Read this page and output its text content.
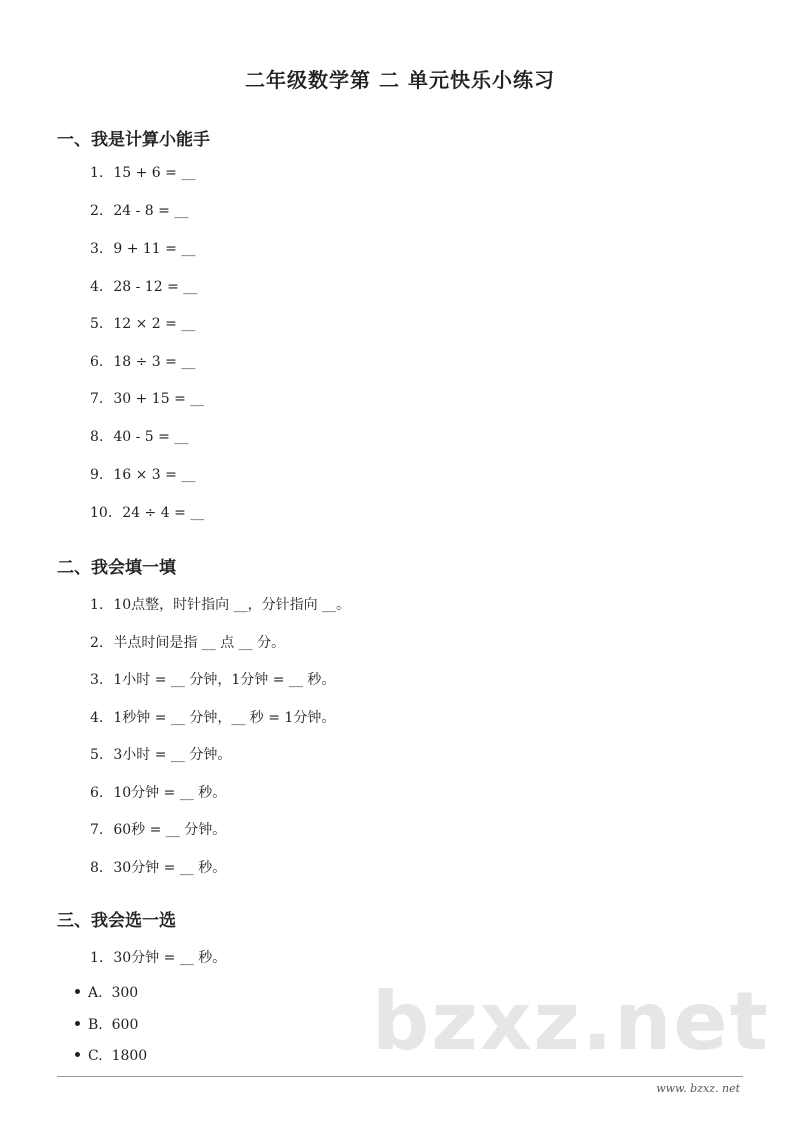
二年级数学第 二 单元快乐小练习
一、我是计算小能手
1. 15 + 6 = __
2. 24 - 8 = __
3. 9 + 11 = __
4. 28 - 12 = __
5. 12 × 2 = __
6. 18 ÷ 3 = __
7. 30 + 15 = __
8. 40 - 5 = __
9. 16 × 3 = __
10. 24 ÷ 4 = __
二、我会填一填
1. 10点整，时针指向 __，分针指向 __。
2. 半点时间是指 __ 点 __ 分。
3. 1小时 = __ 分钟，1分钟 = __ 秒。
4. 1秒钟 = __ 分钟，__ 秒 = 1分钟。
5. 3小时 = __ 分钟。
6. 10分钟 = __ 秒。
7. 60秒 = __ 分钟。
8. 30分钟 = __ 秒。
三、我会选一选
1. 30分钟 = __ 秒。
A.  300
B.  600
C.  1800	bzxz.net
www. bzxz. net
